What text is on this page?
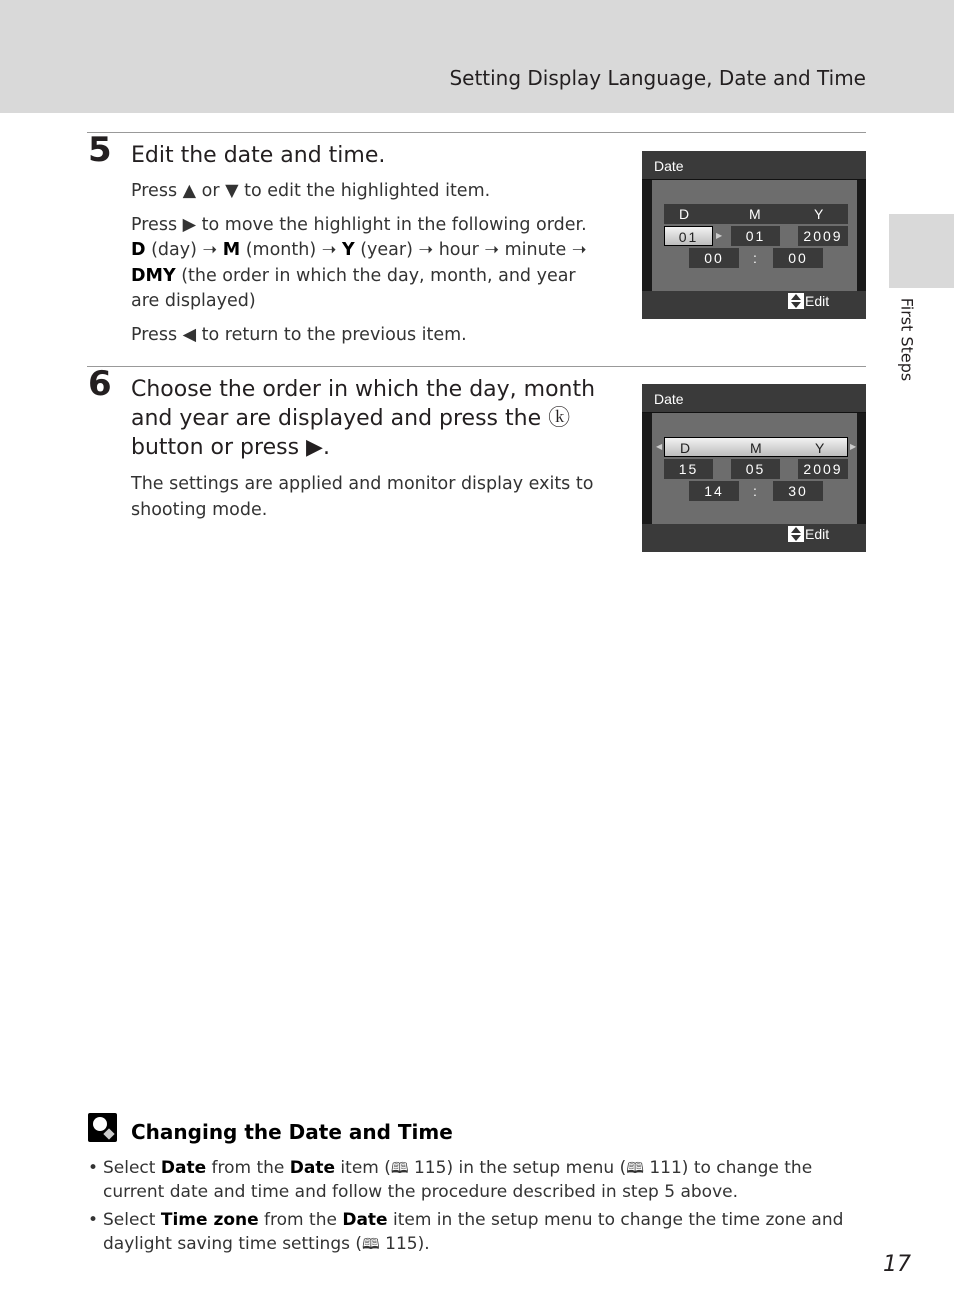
Setting Display Language, Date and Time
First Steps
5 Edit the date and time.

Press ▲ or ▼ to edit the highlighted item.

Press ▶ to move the highlight in the following order.
D (day) ➝ M (month) ➝ Y (year) ➝ hour ➝ minute ➝
DMY (the order in which the day, month, and year are displayed)

Press ◀ to return to the previous item.

Date
D	M	Y
01	▶	01	2009
00	:	00
Edit
6 Choose the order in which the day, month and year are displayed and press the ⓚ button or press ▶.

The settings are applied and monitor display exits to shooting mode.

Date
◀ D	M	Y	▶
15	05	2009
14	:	30
Edit
Changing the Date and Time
• Select Date from the Date item (🕮 115) in the setup menu (🕮 111) to change the current date and time and follow the procedure described in step 5 above.
• Select Time zone from the Date item in the setup menu to change the time zone and daylight saving time settings (🕮 115).
17
